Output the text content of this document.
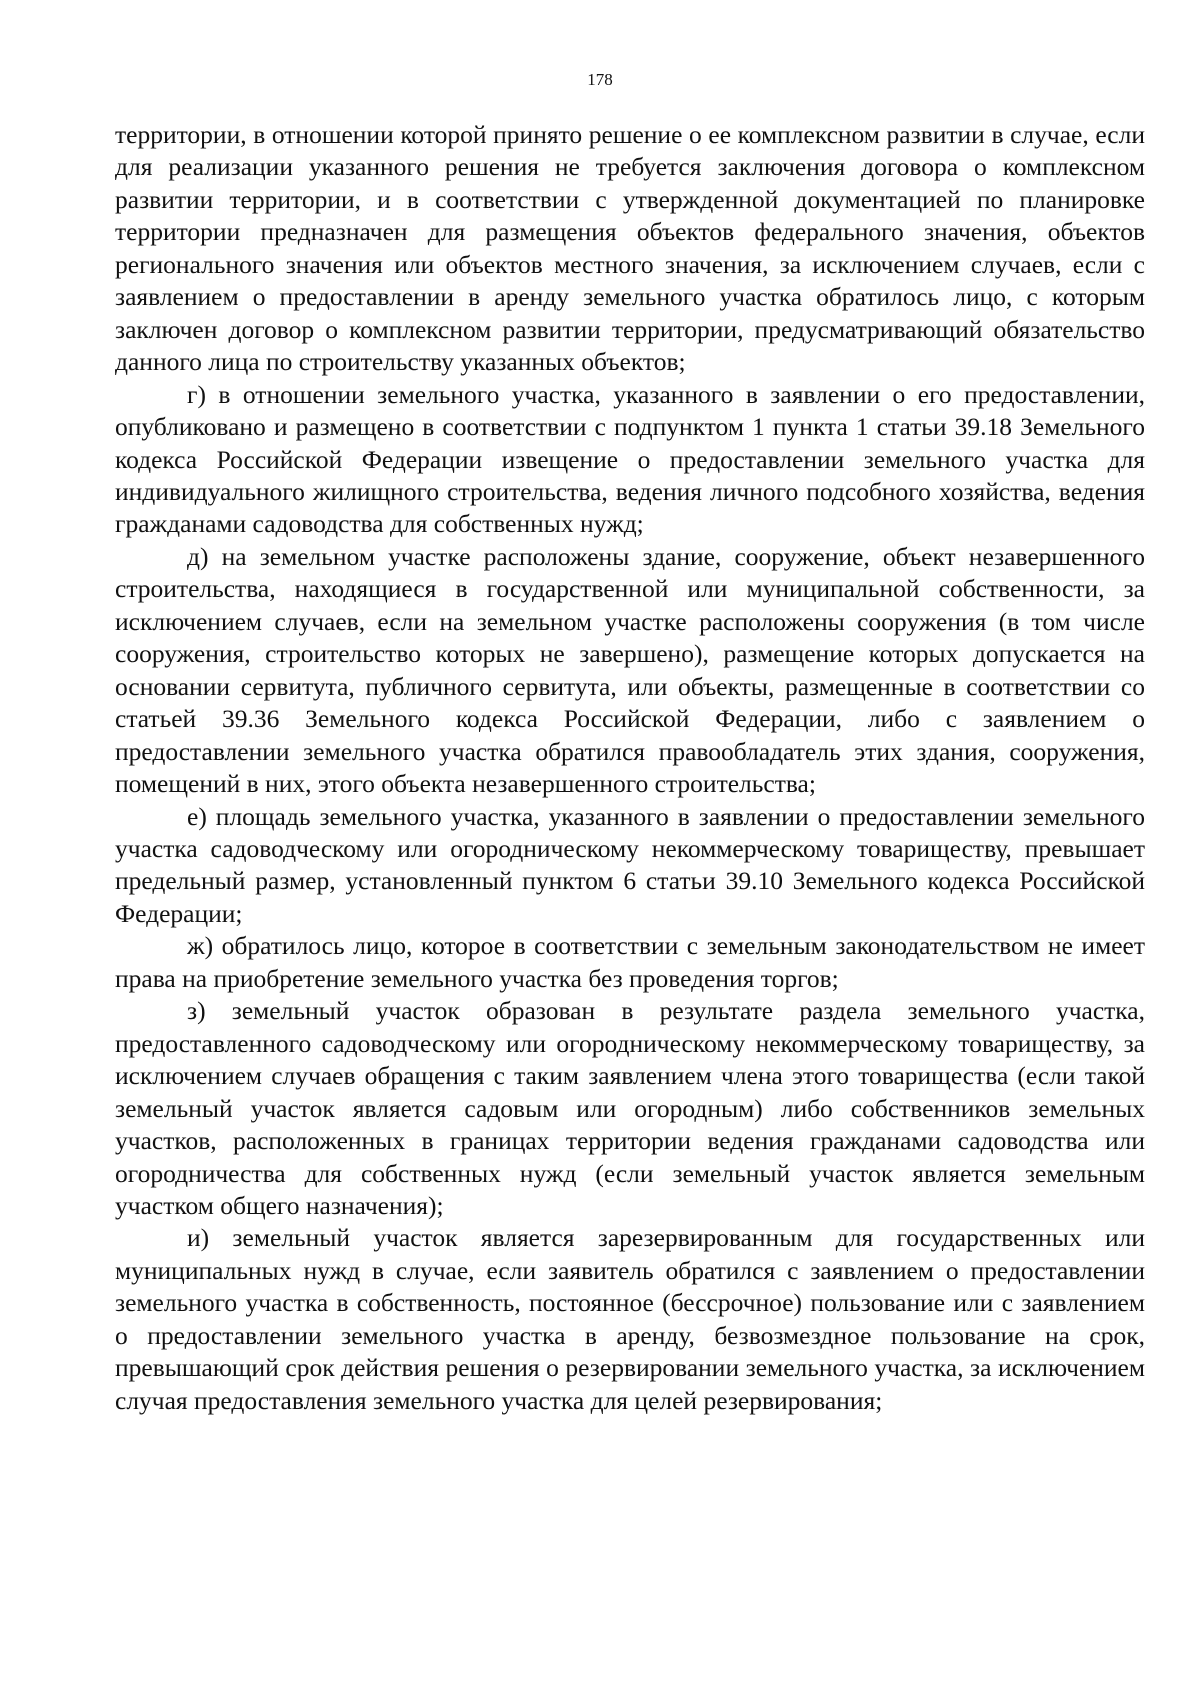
178

территории, в отношении которой принято решение о ее комплексном развитии в случае, если для реализации указанного решения не требуется заключения договора о комплексном развитии территории, и в соответствии с утвержденной документацией по планировке территории предназначен для размещения объектов федерального значения, объектов регионального значения или объектов местного значения, за исключением случаев, если с заявлением о предоставлении в аренду земельного участка обратилось лицо, с которым заключен договор о комплексном развитии территории, предусматривающий обязательство данного лица по строительству указанных объектов;

г) в отношении земельного участка, указанного в заявлении о его предоставлении, опубликовано и размещено в соответствии с подпунктом 1 пункта 1 статьи 39.18 Земельного кодекса Российской Федерации извещение о предоставлении земельного участка для индивидуального жилищного строительства, ведения личного подсобного хозяйства, ведения гражданами садоводства для собственных нужд;

д) на земельном участке расположены здание, сооружение, объект незавершенного строительства, находящиеся в государственной или муниципальной собственности, за исключением случаев, если на земельном участке расположены сооружения (в том числе сооружения, строительство которых не завершено), размещение которых допускается на основании сервитута, публичного сервитута, или объекты, размещенные в соответствии со статьей 39.36 Земельного кодекса Российской Федерации, либо с заявлением о предоставлении земельного участка обратился правообладатель этих здания, сооружения, помещений в них, этого объекта незавершенного строительства;

е) площадь земельного участка, указанного в заявлении о предоставлении земельного участка садоводческому или огородническому некоммерческому товариществу, превышает предельный размер, установленный пунктом 6 статьи 39.10 Земельного кодекса Российской Федерации;

ж) обратилось лицо, которое в соответствии с земельным законодательством не имеет права на приобретение земельного участка без проведения торгов;

з) земельный участок образован в результате раздела земельного участка, предоставленного садоводческому или огородническому некоммерческому товариществу, за исключением случаев обращения с таким заявлением члена этого товарищества (если такой земельный участок является садовым или огородным) либо собственников земельных участков, расположенных в границах территории ведения гражданами садоводства или огородничества для собственных нужд (если земельный участок является земельным участком общего назначения);

и) земельный участок является зарезервированным для государственных или муниципальных нужд в случае, если заявитель обратился с заявлением о предоставлении земельного участка в собственность, постоянное (бессрочное) пользование или с заявлением о предоставлении земельного участка в аренду, безвозмездное пользование на срок, превышающий срок действия решения о резервировании земельного участка, за исключением случая предоставления земельного участка для целей резервирования;
